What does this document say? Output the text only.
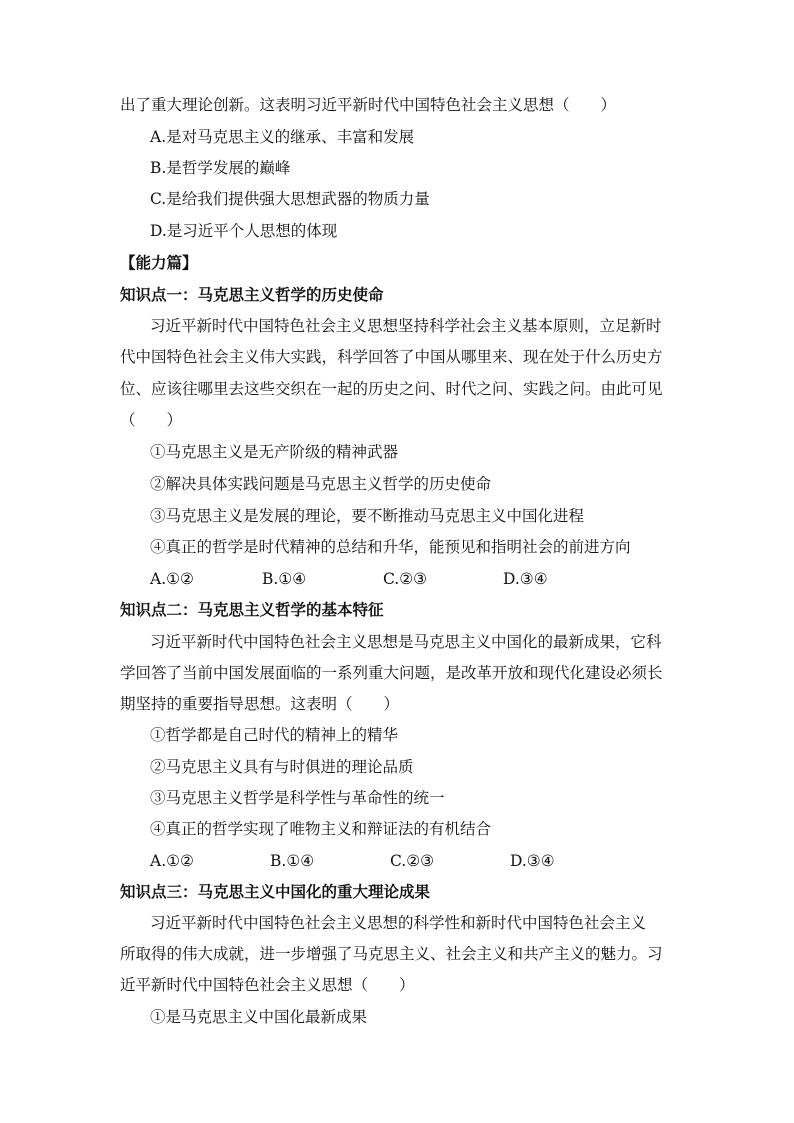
出了重大理论创新。这表明习近平新时代中国特色社会主义思想（　　）
A.是对马克思主义的继承、丰富和发展
B.是哲学发展的巅峰
C.是给我们提供强大思想武器的物质力量
D.是习近平个人思想的体现
【能力篇】
知识点一：马克思主义哲学的历史使命
习近平新时代中国特色社会主义思想坚持科学社会主义基本原则，立足新时
代中国特色社会主义伟大实践，科学回答了中国从哪里来、现在处于什么历史方
位、应该往哪里去这些交织在一起的历史之问、时代之问、实践之问。由此可见
（　　）
①马克思主义是无产阶级的精神武器
②解决具体实践问题是马克思主义哲学的历史使命
③马克思主义是发展的理论，要不断推动马克思主义中国化进程
④真正的哲学是时代精神的总结和升华，能预见和指明社会的前进方向
A.①②	B.①④	C.②③	D.③④
知识点二：马克思主义哲学的基本特征
习近平新时代中国特色社会主义思想是马克思主义中国化的最新成果，它科
学回答了当前中国发展面临的一系列重大问题，是改革开放和现代化建设必须长
期坚持的重要指导思想。这表明（　　）
①哲学都是自己时代的精神上的精华
②马克思主义具有与时俱进的理论品质
③马克思主义哲学是科学性与革命性的统一
④真正的哲学实现了唯物主义和辩证法的有机结合
A.①②	B.①④	C.②③	D.③④
知识点三：马克思主义中国化的重大理论成果
习近平新时代中国特色社会主义思想的科学性和新时代中国特色社会主义
所取得的伟大成就，进一步增强了马克思主义、社会主义和共产主义的魅力。习
近平新时代中国特色社会主义思想（　　）
①是马克思主义中国化最新成果
